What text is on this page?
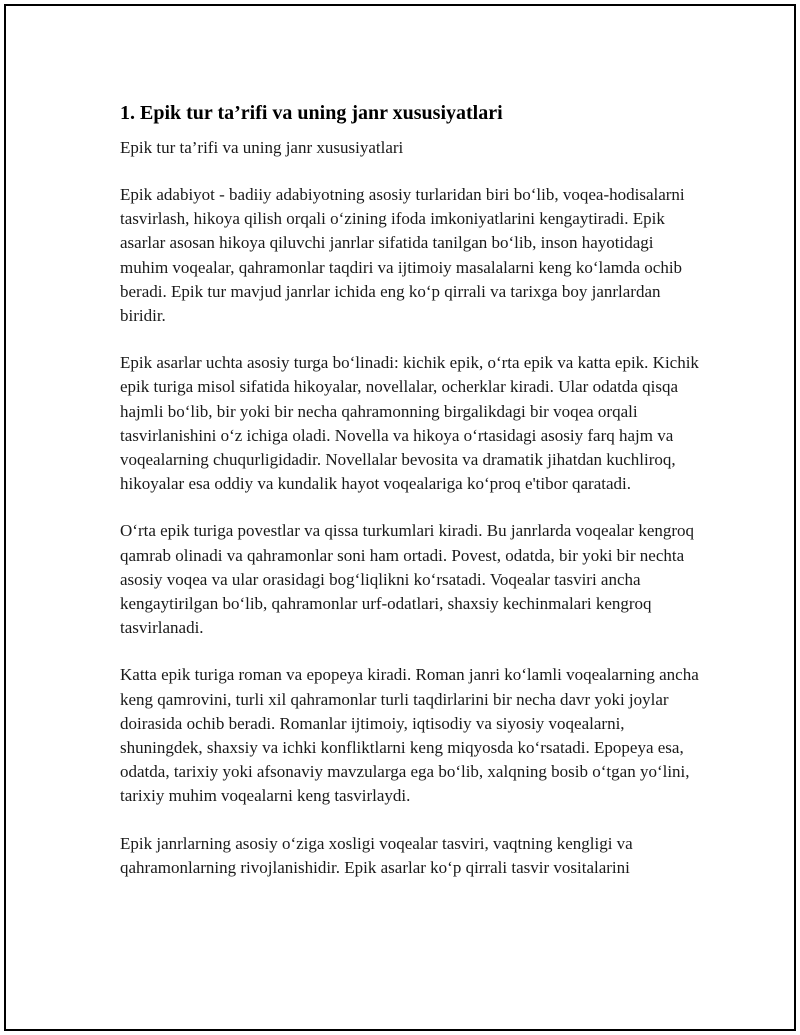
1. Epik tur ta’rifi va uning janr xususiyatlari

Epik tur ta’rifi va uning janr xususiyatlari

Epik adabiyot - badiiy adabiyotning asosiy turlaridan biri bo‘lib, voqea-hodisalarni tasvirlash, hikoya qilish orqali o‘zining ifoda imkoniyatlarini kengaytiradi. Epik asarlar asosan hikoya qiluvchi janrlar sifatida tanilgan bo‘lib, inson hayotidagi muhim voqealar, qahramonlar taqdiri va ijtimoiy masalalarni keng ko‘lamda ochib beradi. Epik tur mavjud janrlar ichida eng ko‘p qirrali va tarixga boy janrlardan biridir.

Epik asarlar uchta asosiy turga bo‘linadi: kichik epik, o‘rta epik va katta epik. Kichik epik turiga misol sifatida hikoyalar, novellalar, ocherklar kiradi. Ular odatda qisqa hajmli bo‘lib, bir yoki bir necha qahramonning birgalikdagi bir voqea orqali tasvirlanishini o‘z ichiga oladi. Novella va hikoya o‘rtasidagi asosiy farq hajm va voqealarning chuqurligidadir. Novellalar bevosita va dramatik jihatdan kuchliroq, hikoyalar esa oddiy va kundalik hayot voqealariga ko‘proq e'tibor qaratadi.

O‘rta epik turiga povestlar va qissa turkumlari kiradi. Bu janrlarda voqealar kengroq qamrab olinadi va qahramonlar soni ham ortadi. Povest, odatda, bir yoki bir nechta asosiy voqea va ular orasidagi bog‘liqlikni ko‘rsatadi. Voqealar tasviri ancha kengaytirilgan bo‘lib, qahramonlar urf-odatlari, shaxsiy kechinmalari kengroq tasvirlanadi.

Katta epik turiga roman va epopeya kiradi. Roman janri ko‘lamli voqealarning ancha keng qamrovini, turli xil qahramonlar turli taqdirlarini bir necha davr yoki joylar doirasida ochib beradi. Romanlar ijtimoiy, iqtisodiy va siyosiy voqealarni, shuningdek, shaxsiy va ichki konfliktlarni keng miqyosda ko‘rsatadi. Epopeya esa, odatda, tarixiy yoki afsonaviy mavzularga ega bo‘lib, xalqning bosib o‘tgan yo‘lini, tarixiy muhim voqealarni keng tasvirlaydi.

Epik janrlarning asosiy o‘ziga xosligi voqealar tasviri, vaqtning kengligi va qahramonlarning rivojlanishidir. Epik asarlar ko‘p qirrali tasvir vositalarini
